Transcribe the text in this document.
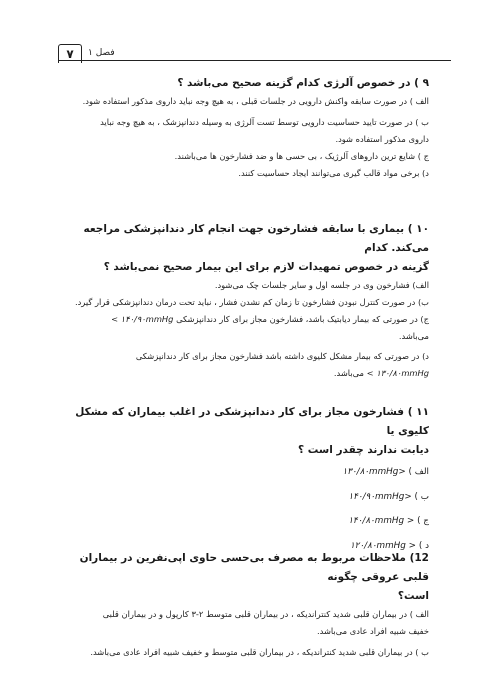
۷	فصل ۱
۹ ) در خصوص آلرژی کدام گزینه صحیح می‌باشد ؟
الف ) در صورت سابقه واکنش دارویی در جلسات قبلی ، به هیچ وجه نباید داروی مذکور استفاده شود.
ب ) در صورت تایید حساسیت دارویی توسط تست آلرژی به وسیله دندانپزشک ، به هیچ وجه نباید
داروی مذکور استفاده شود.
ج ) شایع ترین داروهای آلرژیک ، بی حسی ها و ضد فشارخون ها می‌باشند.
د) برخی مواد قالب گیری می‌توانند ایجاد حساسیت کنند.
۱۰ ) بیماری با سابقه فشارخون جهت انجام کار دندانپزشکی مراجعه می‌کند. کدام
گزینه در خصوص تمهیدات لازم برای این بیمار صحیح نمی‌باشد ؟
الف) فشارخون وی در جلسه اول و سایر جلسات چک می‌شود.
ب) در صورت کنترل نبودن فشارخون تا زمان کم نشدن فشار ، نباید تحت درمان دندانپزشکی قرار گیرد.
ج) در صورتی که بیمار دیابتیک باشد، فشارخون مجاز برای کار دندانپزشکی < ۱۴۰/۹۰mmHg
می‌باشد.
د) در صورتی که بیمار مشکل کلیوی داشته باشد فشارخون مجاز برای کار دندانپزشکی
< ۱۳۰/۸۰mmHg می‌باشد.
۱۱ ) فشارخون مجاز برای کار دندانپزشکی در اغلب بیماران که مشکل کلیوی یا
دیابت ندارند چقدر است ؟
الف ) ۱۳۰/۸۰mmHg>
ب ) ۱۴۰/۹۰mmHg>
ج ) ۱۴۰/۸۰mmHg >
د ) ۱۲۰/۸۰mmHg >
12) ملاحظات مربوط به مصرف بی‌حسی حاوی اپی‌نفرین در بیماران قلبی عروقی چگونه
است؟
الف ) در بیماران قلبی شدید کنتراندیکه ، در بیماران قلبی متوسط ۲-۳ کارپول و در بیماران قلبی
خفیف شبیه افراد عادی می‌باشد.
ب ) در بیماران قلبی شدید کنتراندیکه ، در بیماران قلبی متوسط و خفیف شبیه افراد عادی می‌باشد.
